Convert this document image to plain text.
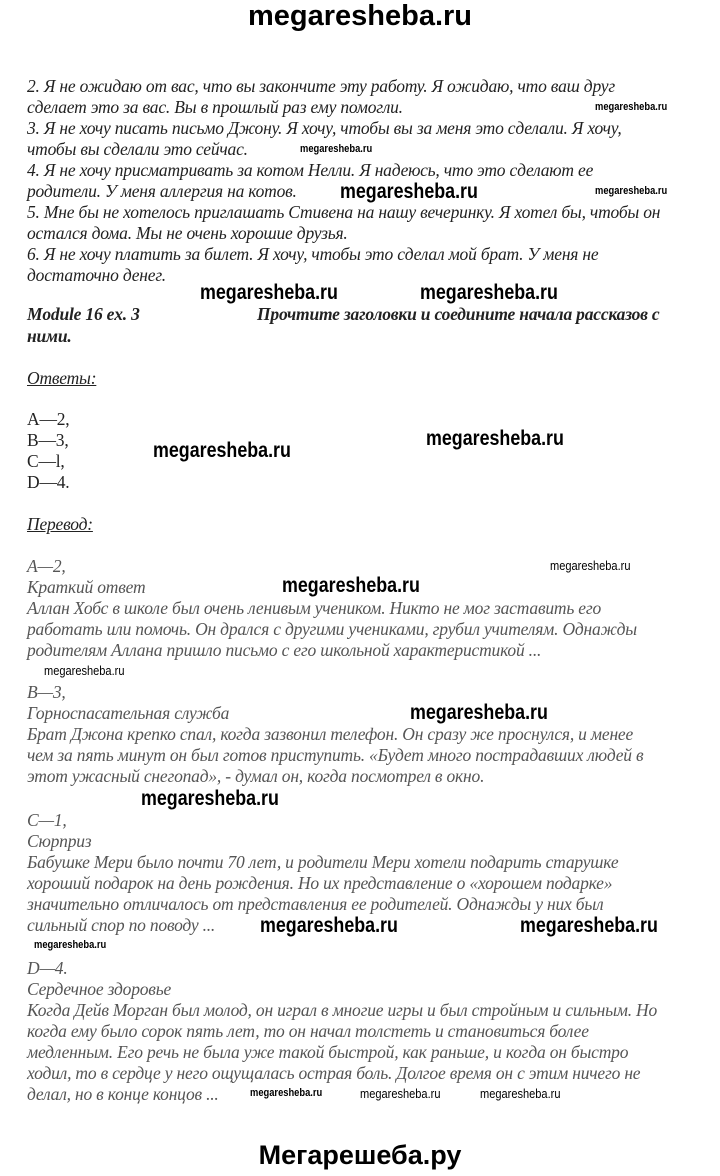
megaresheba.ru
2. Я не ожидаю от вас, что вы закончите эту работу. Я ожидаю, что ваш друг
сделает это за вас. Вы в прошлый раз ему помогли.
3. Я не хочу писать письмо Джону. Я хочу, чтобы вы за меня это сделали. Я хочу,
чтобы вы сделали это сейчас.
4. Я не хочу присматривать за котом Нелли. Я надеюсь, что это сделают ее
родители. У меня аллергия на котов.
5. Мне бы не хотелось приглашать Стивена на нашу вечеринку. Я хотел бы, чтобы он
остался дома. Мы не очень хорошие друзья.
6. Я не хочу платить за билет. Я хочу, чтобы это сделал мой брат. У меня не
достаточно денег.
Module 16 ex. 3	Прочтите заголовки и соедините начала рассказов с
ними.
Ответы:
A—2,
B—3,
C—l,
D—4.
Перевод:
A—2,
Краткий ответ
Аллан Хобс в школе был очень ленивым учеником. Никто не мог заставить его
работать или помочь. Он дрался с другими учениками, грубил учителям. Однажды
родителям Аллана пришло письмо с его школьной характеристикой ...
B—3,
Горноспасательная служба
Брат Джона крепко спал, когда зазвонил телефон. Он сразу же проснулся, и менее
чем за пять минут он был готов приступить. «Будет много пострадавших людей в
этот ужасный снегопад», - думал он, когда посмотрел в окно.
C—1,
Сюрприз
Бабушке Мери было почти 70 лет, и родители Мери хотели подарить старушке
хороший подарок на день рождения. Но их представление о «хорошем подарке»
значительно отличалось от представления ее родителей. Однажды у них был
сильный спор по поводу ...
D—4.
Сердечное здоровье
Когда Дейв Морган был молод, он играл в многие игры и был стройным и сильным. Но
когда ему было сорок пять лет, то он начал толстеть и становиться более
медленным. Его речь не была уже такой быстрой, как раньше, и когда он быстро
ходил, то в сердце у него ощущалась острая боль. Долгое время он с этим ничего не
делал, но в конце концов ...
megaresheba.ru
megaresheba.ru
megaresheba.ru	megaresheba.ru
megaresheba.ru	megaresheba.ru
megaresheba.ru
megaresheba.ru
megaresheba.ru
megaresheba.ru
megaresheba.ru
megaresheba.ru
megaresheba.ru
megaresheba.ru
megaresheba.ru
megaresheba.ru
megaresheba.ru	megaresheba.ru	megaresheba.ru
Мегарешеба.ру
